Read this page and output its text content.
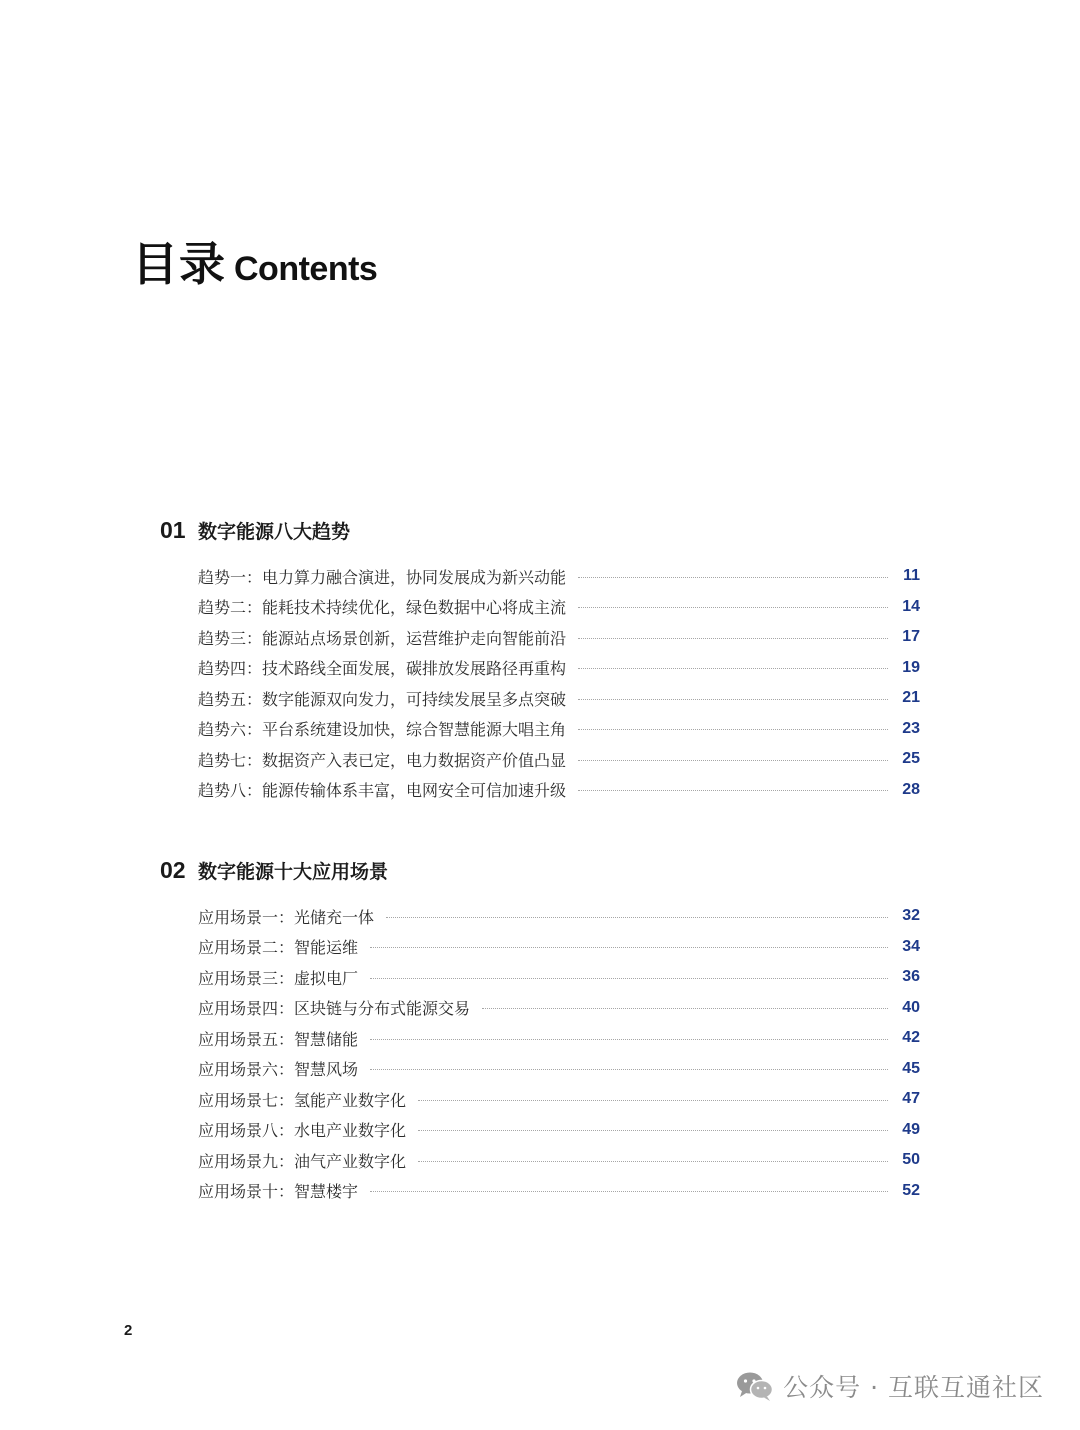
目录 Contents
01 数字能源八大趋势
趋势一：电力算力融合演进，协同发展成为新兴动能	11
趋势二：能耗技术持续优化，绿色数据中心将成主流	14
趋势三：能源站点场景创新，运营维护走向智能前沿	17
趋势四：技术路线全面发展，碳排放发展路径再重构	19
趋势五：数字能源双向发力，可持续发展呈多点突破	21
趋势六：平台系统建设加快，综合智慧能源大唱主角	23
趋势七：数据资产入表已定，电力数据资产价值凸显	25
趋势八：能源传输体系丰富，电网安全可信加速升级	28
02 数字能源十大应用场景
应用场景一：光储充一体	32
应用场景二：智能运维	34
应用场景三：虚拟电厂	36
应用场景四：区块链与分布式能源交易	40
应用场景五：智慧储能	42
应用场景六：智慧风场	45
应用场景七：氢能产业数字化	47
应用场景八：水电产业数字化	49
应用场景九：油气产业数字化	50
应用场景十：智慧楼宇	52
2
公众号 · 互联互通社区
